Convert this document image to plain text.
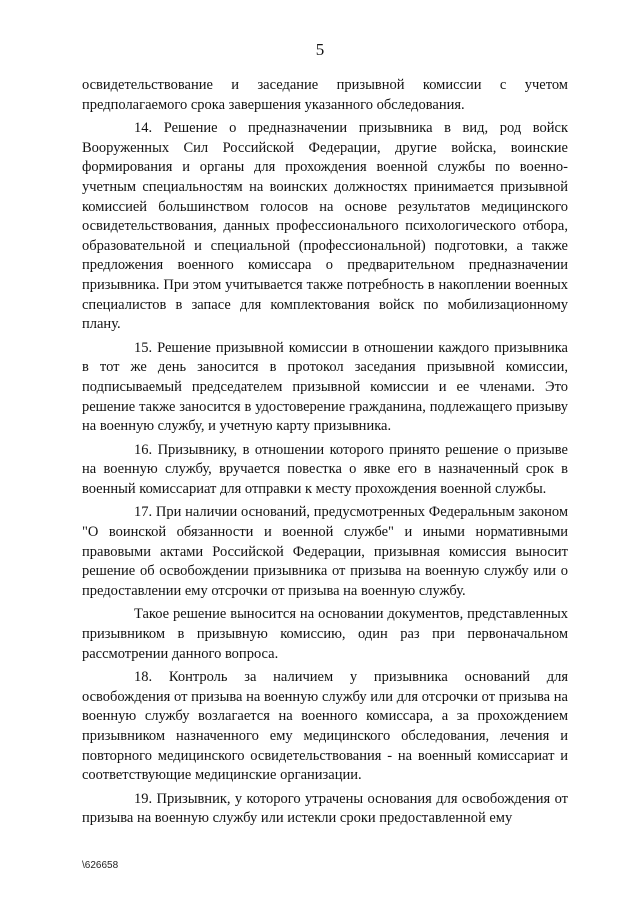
5

освидетельствование и заседание призывной комиссии с учетом предполагаемого срока завершения указанного обследования.

14. Решение о предназначении призывника в вид, род войск Вооруженных Сил Российской Федерации, другие войска, воинские формирования и органы для прохождения военной службы по военно-учетным специальностям на воинских должностях принимается призывной комиссией большинством голосов на основе результатов медицинского освидетельствования, данных профессионального психологического отбора, образовательной и специальной (профессиональной) подготовки, а также предложения военного комиссара о предварительном предназначении призывника. При этом учитывается также потребность в накоплении военных специалистов в запасе для комплектования войск по мобилизационному плану.

15. Решение призывной комиссии в отношении каждого призывника в тот же день заносится в протокол заседания призывной комиссии, подписываемый председателем призывной комиссии и ее членами. Это решение также заносится в удостоверение гражданина, подлежащего призыву на военную службу, и учетную карту призывника.

16. Призывнику, в отношении которого принято решение о призыве на военную службу, вручается повестка о явке его в назначенный срок в военный комиссариат для отправки к месту прохождения военной службы.

17. При наличии оснований, предусмотренных Федеральным законом "О воинской обязанности и военной службе" и иными нормативными правовыми актами Российской Федерации, призывная комиссия выносит решение об освобождении призывника от призыва на военную службу или о предоставлении ему отсрочки от призыва на военную службу.

Такое решение выносится на основании документов, представленных призывником в призывную комиссию, один раз при первоначальном рассмотрении данного вопроса.

18. Контроль за наличием у призывника оснований для освобождения от призыва на военную службу или для отсрочки от призыва на военную службу возлагается на военного комиссара, а за прохождением призывником назначенного ему медицинского обследования, лечения и повторного медицинского освидетельствования - на военный комиссариат и соответствующие медицинские организации.

19. Призывник, у которого утрачены основания для освобождения от призыва на военную службу или истекли сроки предоставленной ему

\626658
